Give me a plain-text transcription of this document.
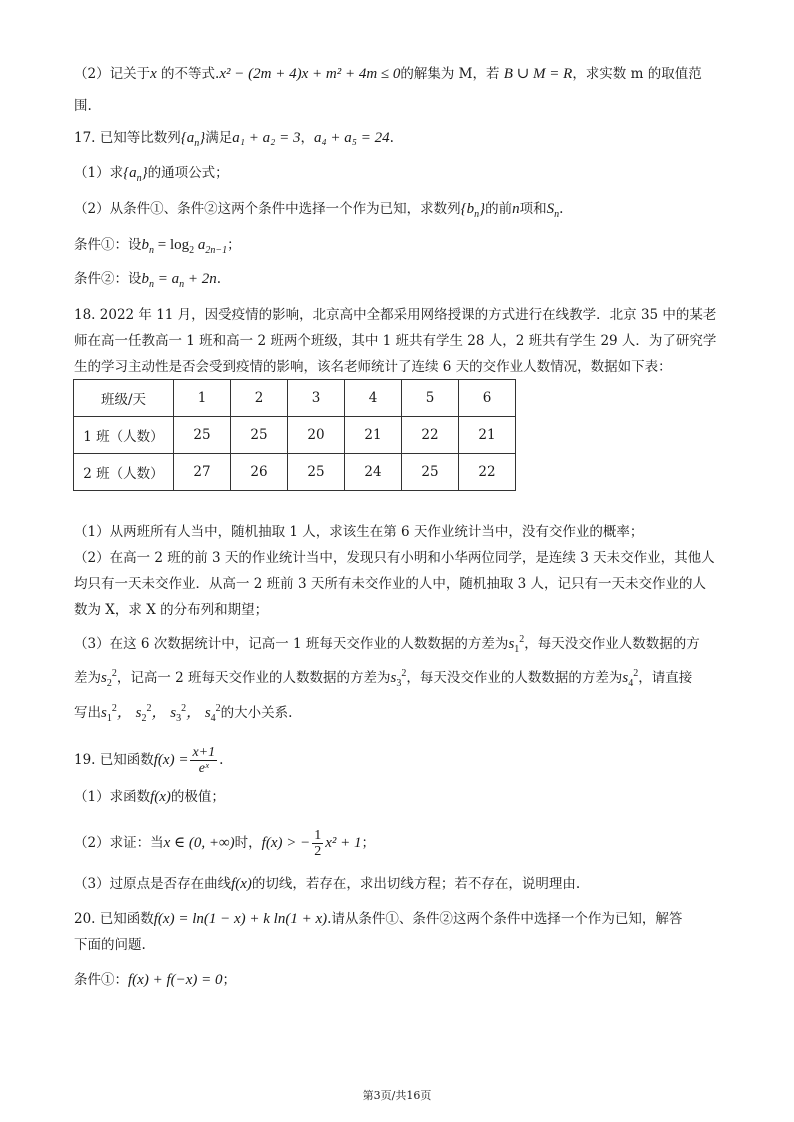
（2）记关于x 的不等式.x² − (2m + 4)x + m² + 4m ≤ 0的解集为 M，若 B ∪ M = R，求实数 m 的取值范
围.
17. 已知等比数列$\{a_n\}$满足a₁ + a₂ = 3，a₄ + a₅ = 24.
（1）求$\{a_n\}$的通项公式；
（2）从条件①、条件②这两个条件中选择一个作为已知，求数列$\{b_n\}$的前n项和$S_n$.
条件①：设$b_n = \log_2 a_{2n-1}$；
条件②：设$b_n = a_n + 2n$.
18. 2022 年 11 月，因受疫情的影响，北京高中全都采用网络授课的方式进行在线教学．北京 35 中的某老
师在高一任教高一 1 班和高一 2 班两个班级，其中 1 班共有学生 28 人，2 班共有学生 29 人．为了研究学
生的学习主动性是否会受到疫情的影响，该名老师统计了连续 6 天的交作业人数情况，数据如下表：
班级/天	1	2	3	4	5	6
1 班（人数）	25	25	20	21	22	21
2 班（人数）	27	26	25	24	25	22
（1）从两班所有人当中，随机抽取 1 人，求该生在第 6 天作业统计当中，没有交作业的概率；
（2）在高一 2 班的前 3 天的作业统计当中，发现只有小明和小华两位同学，是连续 3 天未交作业，其他人
均只有一天未交作业．从高一 2 班前 3 天所有未交作业的人中，随机抽取 3 人，记只有一天未交作业的人
数为 X，求 X 的分布列和期望；
（3）在这 6 次数据统计中，记高一 1 班每天交作业的人数数据的方差为$s_1^2$，每天没交作业人数数据的方
差为$s_2^2$，记高一 2 班每天交作业的人数数据的方差为$s_3^2$，每天没交作业的人数数据的方差为$s_4^2$，请直接
写出$s_1^2$， $s_2^2$， $s_3^2$， $s_4^2$的大小关系.
19. 已知函数$f(x) = \frac{x+1}{\text{eˣ}}$ .
（1）求函数f(x)的极值；
（2）求证：当x ∈ (0, +∞)时，f(x) > − $\frac{1}{2} x^2 + 1$；
（3）过原点是否存在曲线f(x)的切线，若存在，求出切线方程；若不存在，说明理由.
20. 已知函数f(x) = ln(1 − x) + k ln(1 + x).请从条件①、条件②这两个条件中选择一个作为已知，解答
下面的问题.
条件①：f(x) + f(−x) = 0；
第3页/共16页
